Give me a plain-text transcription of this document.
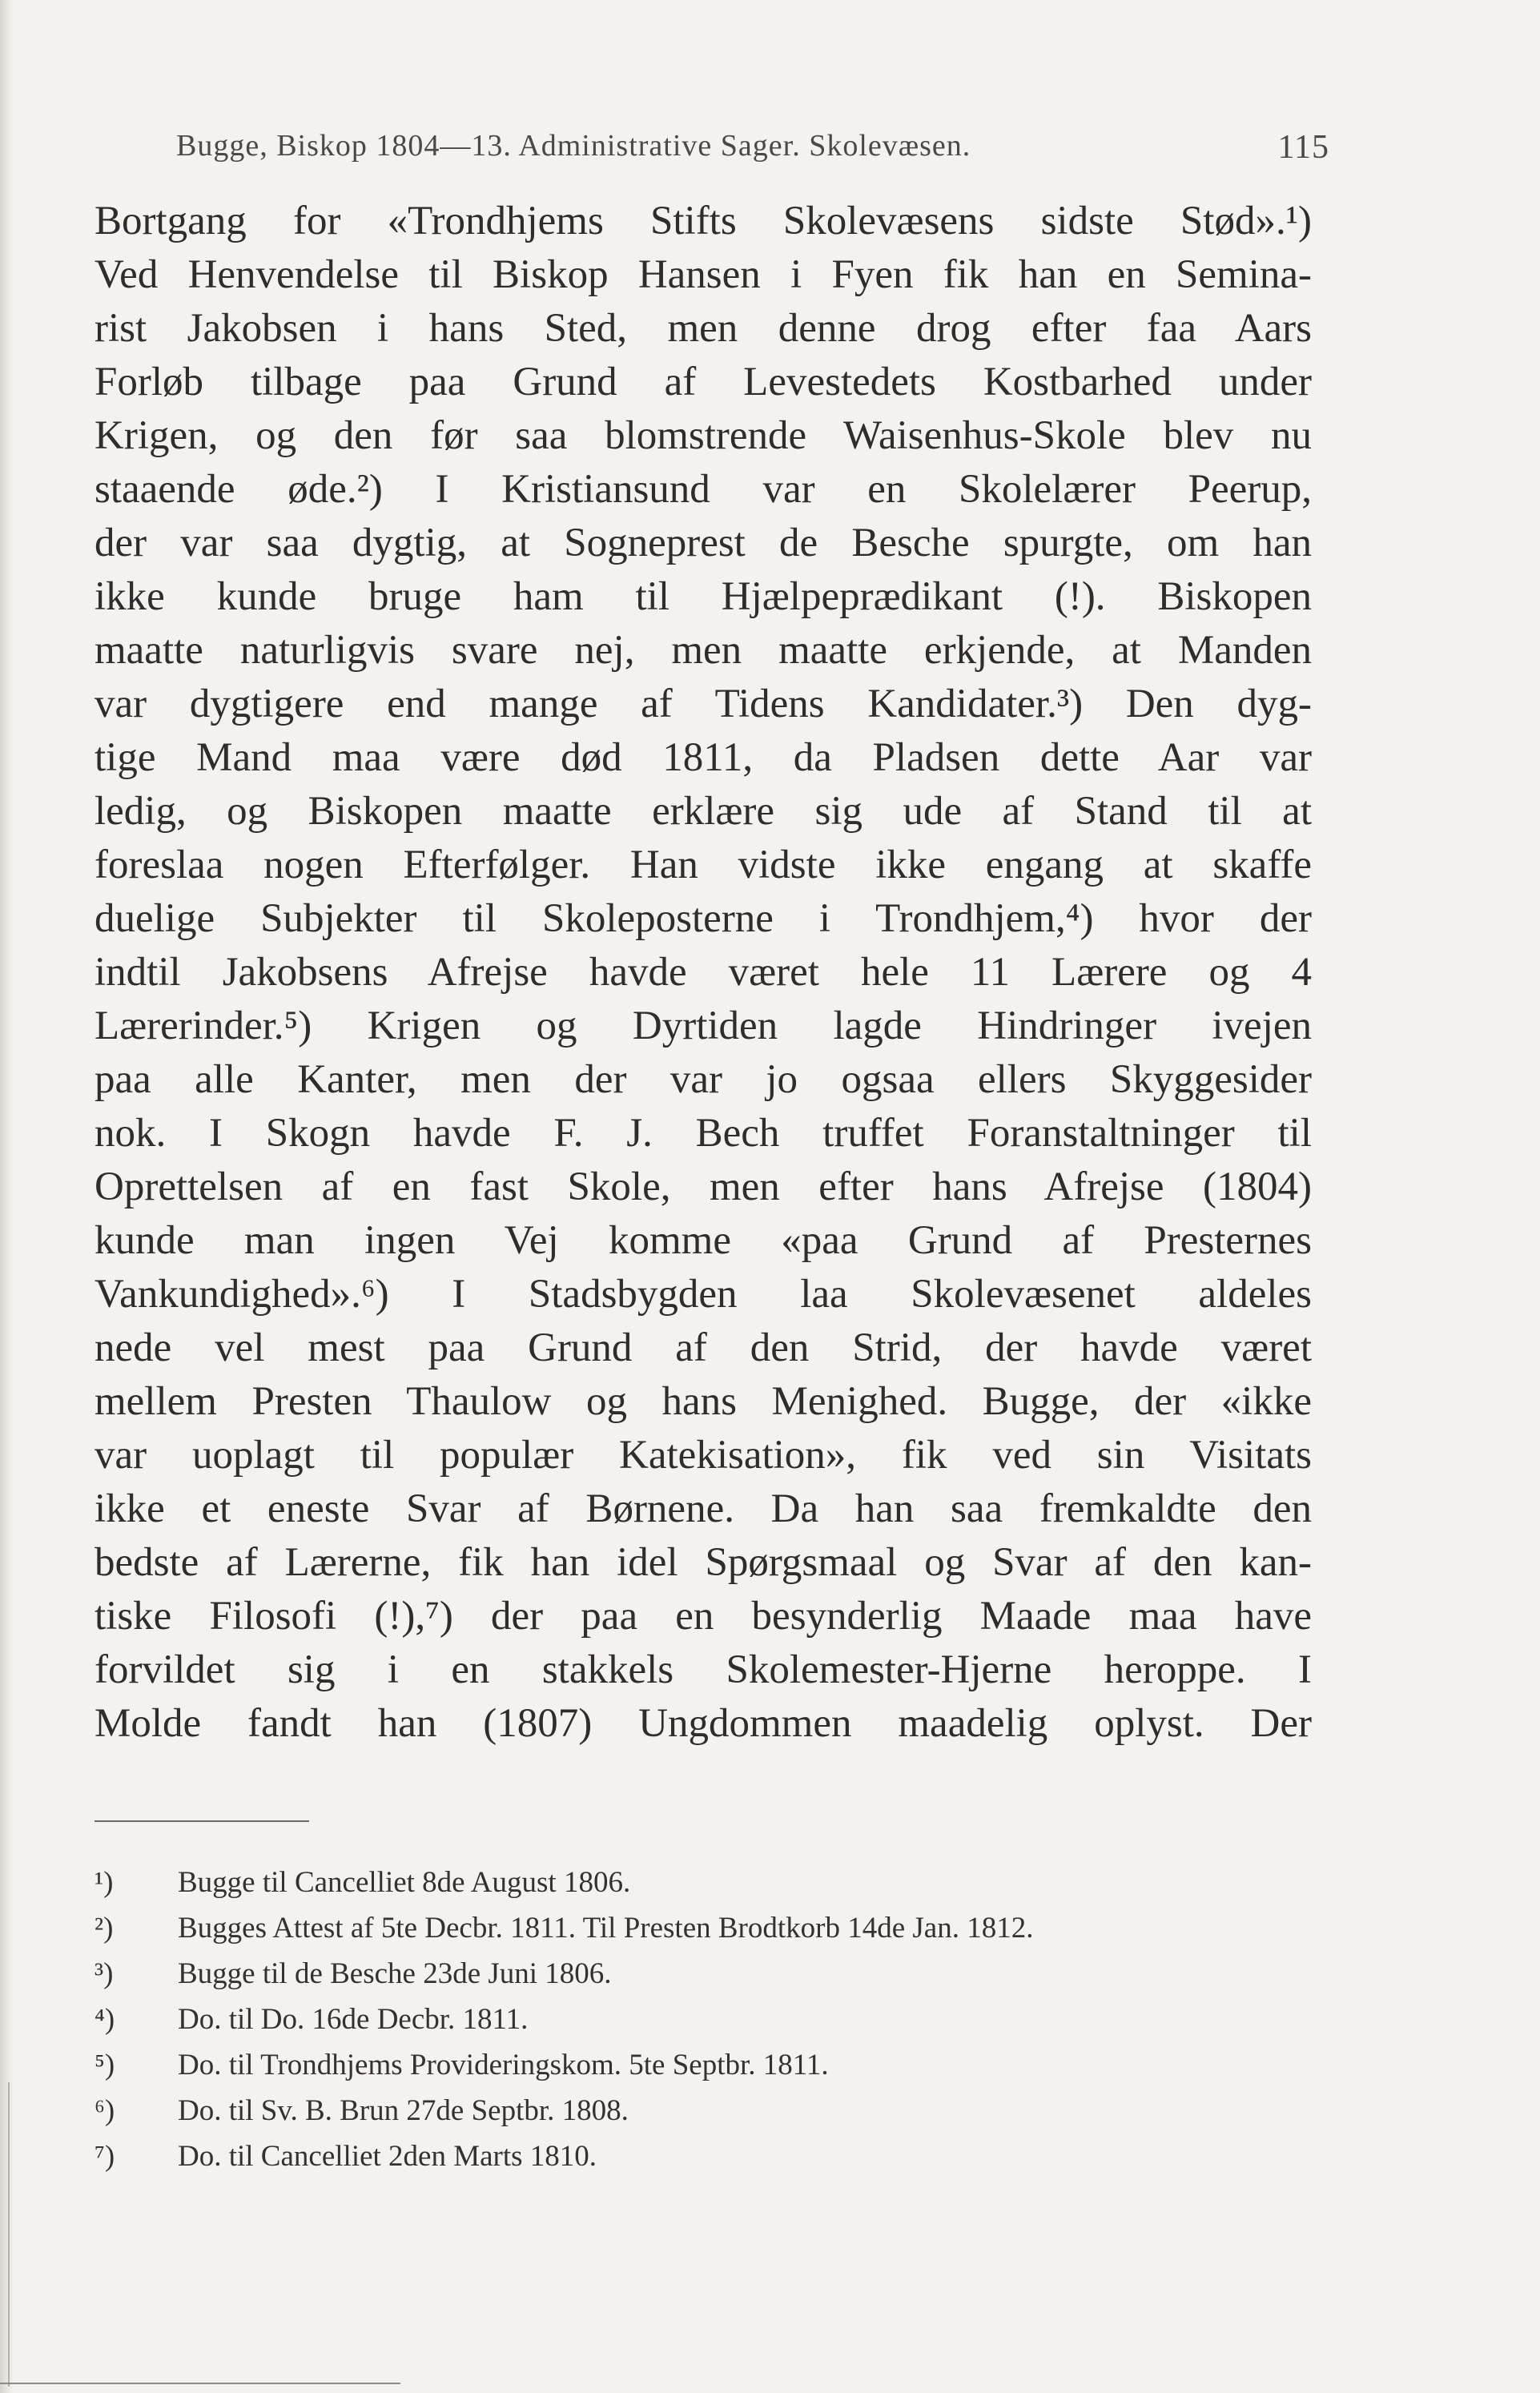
Bugge, Biskop 1804—13. Administrative Sager. Skolevæsen.	115
Bortgang for «Trondhjems Stifts Skolevæsens sidste Stød».¹)
Ved Henvendelse til Biskop Hansen i Fyen fik han en Semina-
rist Jakobsen i hans Sted, men denne drog efter faa Aars
Forløb tilbage paa Grund af Levestedets Kostbarhed under
Krigen, og den før saa blomstrende Waisenhus-Skole blev nu
staaende øde.²) I Kristiansund var en Skolelærer Peerup,
der var saa dygtig, at Sogneprest de Besche spurgte, om han
ikke kunde bruge ham til Hjælpeprædikant (!). Biskopen
maatte naturligvis svare nej, men maatte erkjende, at Manden
var dygtigere end mange af Tidens Kandidater.³) Den dyg-
tige Mand maa være død 1811, da Pladsen dette Aar var
ledig, og Biskopen maatte erklære sig ude af Stand til at
foreslaa nogen Efterfølger. Han vidste ikke engang at skaffe
duelige Subjekter til Skoleposterne i Trondhjem,⁴) hvor der
indtil Jakobsens Afrejse havde været hele 11 Lærere og 4
Lærerinder.⁵) Krigen og Dyrtiden lagde Hindringer ivejen
paa alle Kanter, men der var jo ogsaa ellers Skyggesider
nok. I Skogn havde F. J. Bech truffet Foranstaltninger til
Oprettelsen af en fast Skole, men efter hans Afrejse (1804)
kunde man ingen Vej komme «paa Grund af Presternes
Vankundighed».⁶) I Stadsbygden laa Skolevæsenet aldeles
nede vel mest paa Grund af den Strid, der havde været
mellem Presten Thaulow og hans Menighed. Bugge, der «ikke
var uoplagt til populær Katekisation», fik ved sin Visitats
ikke et eneste Svar af Børnene. Da han saa fremkaldte den
bedste af Lærerne, fik han idel Spørgsmaal og Svar af den kan-
tiske Filosofi (!),⁷) der paa en besynderlig Maade maa have
forvildet sig i en stakkels Skolemester-Hjerne heroppe. I
Molde fandt han (1807) Ungdommen maadelig oplyst. Der
¹) Bugge til Cancelliet 8de August 1806.
²) Bugges Attest af 5te Decbr. 1811. Til Presten Brodtkorb 14de Jan. 1812.
³) Bugge til de Besche 23de Juni 1806.
⁴) Do. til Do. 16de Decbr. 1811.
⁵) Do. til Trondhjems Provideringskom. 5te Septbr. 1811.
⁶) Do. til Sv. B. Brun 27de Septbr. 1808.
⁷) Do. til Cancelliet 2den Marts 1810.
